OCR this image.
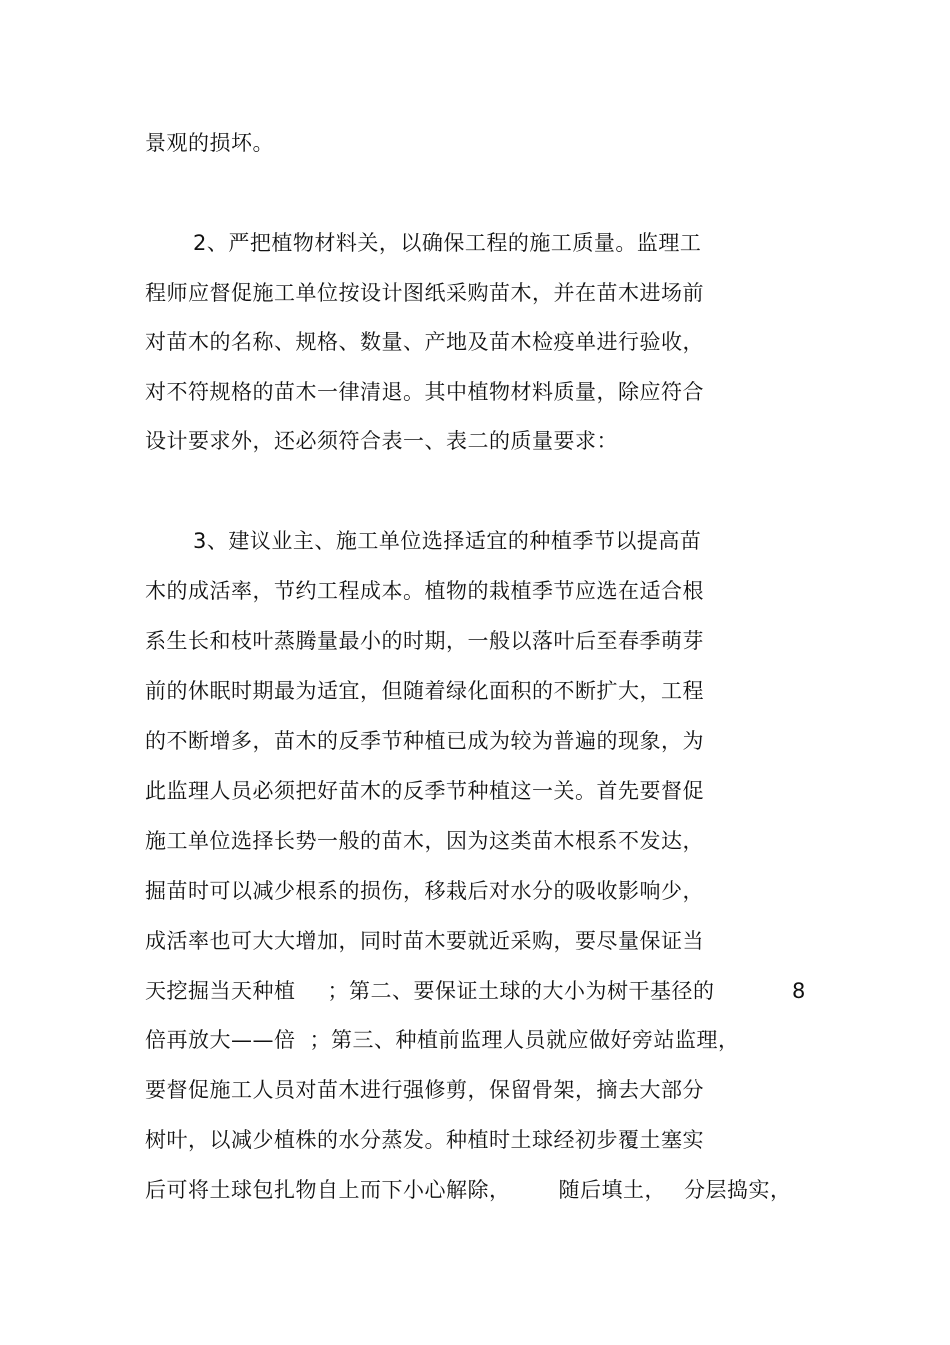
景观的损坏。
2、严把植物材料关，以确保工程的施工质量。监理工
程师应督促施工单位按设计图纸采购苗木，并在苗木进场前
对苗木的名称、规格、数量、产地及苗木检疫单进行验收，
对不符规格的苗木一律清退。其中植物材料质量，除应符合
设计要求外，还必须符合表一、表二的质量要求：
3、建议业主、施工单位选择适宜的种植季节以提高苗
木的成活率，节约工程成本。植物的栽植季节应选在适合根
系生长和枝叶蒸腾量最小的时期，一般以落叶后至春季萌芽
前的休眠时期最为适宜，但随着绿化面积的不断扩大，工程
的不断增多，苗木的反季节种植已成为较为普遍的现象，为
此监理人员必须把好苗木的反季节种植这一关。首先要督促
施工单位选择长势一般的苗木，因为这类苗木根系不发达，
掘苗时可以减少根系的损伤，移栽后对水分的吸收影响少，
成活率也可大大增加，同时苗木要就近采购，要尽量保证当
天挖掘当天种植 ；第二、要保证土球的大小为树干基径的	8
倍再放大——倍 ；第三、种植前监理人员就应做好旁站监理，
要督促施工人员对苗木进行强修剪，保留骨架，摘去大部分
树叶，以减少植株的水分蒸发。种植时土球经初步覆土塞实
后可将土球包扎物自上而下小心解除， 随后填土， 分层捣实，
